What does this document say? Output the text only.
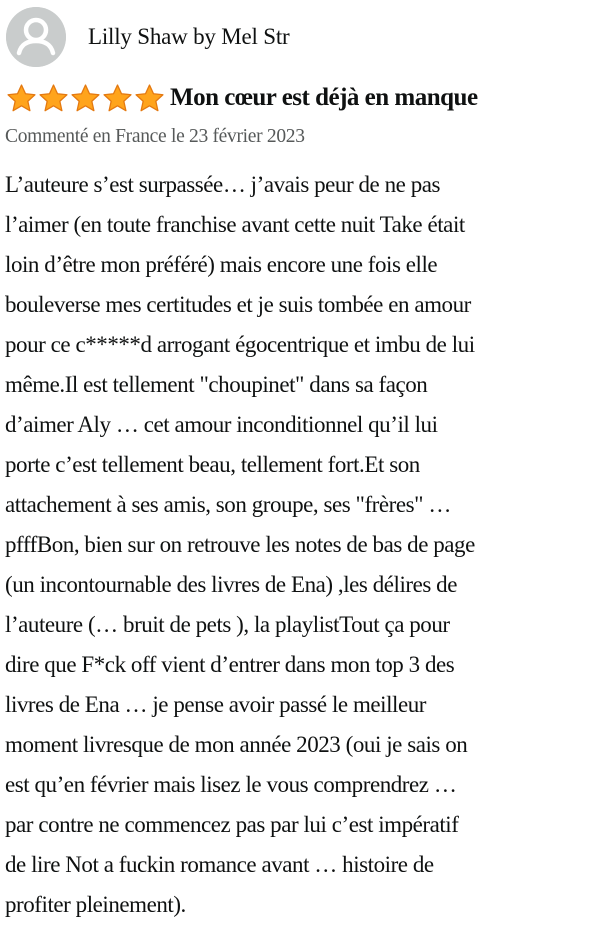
Lilly Shaw by Mel Str
Mon cœur est déjà en manque
Commenté en France le 23 février 2023
L’auteure s’est surpassée… j’avais peur de ne pas
l’aimer (en toute franchise avant cette nuit Take était
loin d’être mon préféré) mais encore une fois elle
bouleverse mes certitudes et je suis tombée en amour
pour ce c*****d arrogant égocentrique et imbu de lui
même.Il est tellement "choupinet" dans sa façon
d’aimer Aly … cet amour inconditionnel qu’il lui
porte c’est tellement beau, tellement fort.Et son
attachement à ses amis, son groupe, ses "frères" …
pfffBon, bien sur on retrouve les notes de bas de page
(un incontournable des livres de Ena) ,les délires de
l’auteure (… bruit de pets ), la playlistTout ça pour
dire que F*ck off vient d’entrer dans mon top 3 des
livres de Ena … je pense avoir passé le meilleur
moment livresque de mon année 2023 (oui je sais on
est qu’en février mais lisez le vous comprendrez …
par contre ne commencez pas par lui c’est impératif
de lire Not a fuckin romance avant … histoire de
profiter pleinement).
